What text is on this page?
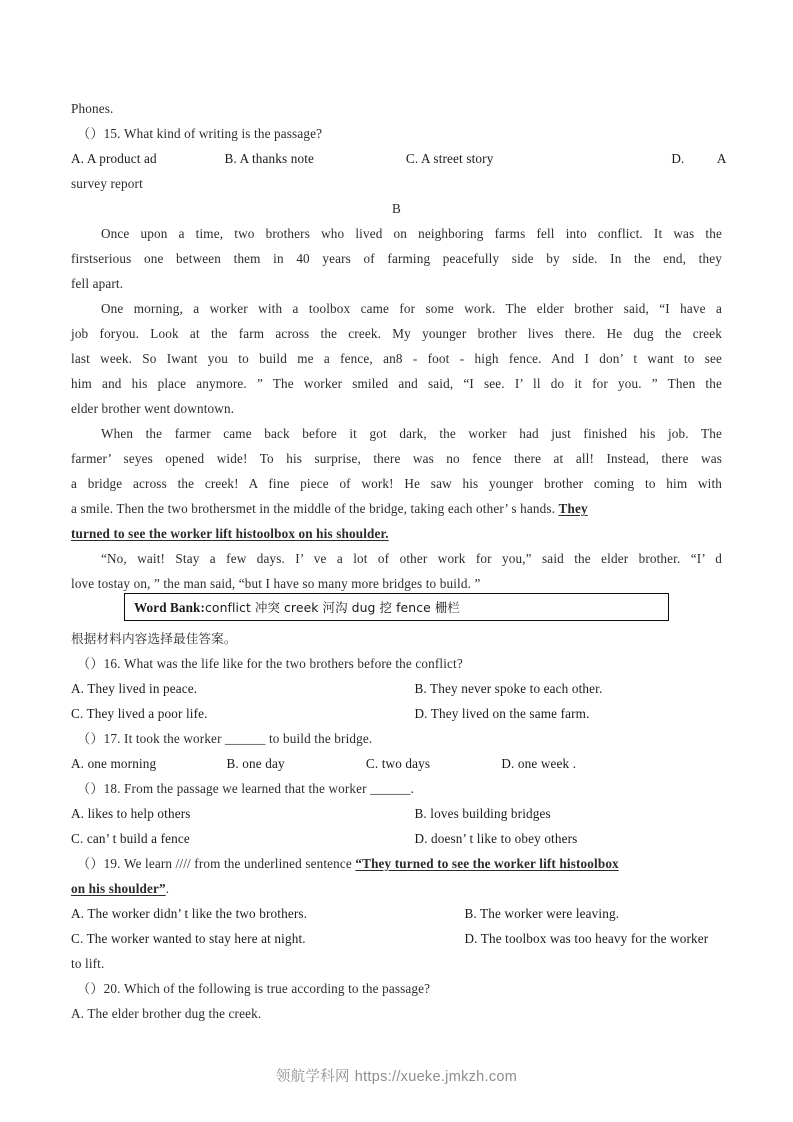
Phones.
（）15. What kind of writing is the passage?
A. A product ad	B. A thanks note	C. A street story	D. A
survey report
B
Once upon a time, two brothers who lived on neighboring farms fell into conflict. It was the
firstserious one between them in 40 years of farming peacefully side by side. In the end, they
fell apart.
One morning, a worker with a toolbox came for some work. The elder brother said, “I have a
job foryou. Look at the farm across the creek. My younger brother lives there. He dug the creek
last week. So Iwant you to build me a fence, an8 - foot - high fence. And I don’ t want to see
him and his place anymore. ” The worker smiled and said, “I see. I’ ll do it for you. ” Then the
elder brother went downtown.
When the farmer came back before it got dark, the worker had just finished his job. The
farmer’ seyes opened wide! To his surprise, there was no fence there at all! Instead, there was
a bridge across the creek! A fine piece of work! He saw his younger brother coming to him with
a smile. Then the two brothersmet in the middle of the bridge, taking each other’ s hands. They
turned to see the worker lift histoolbox on his shoulder.
“No, wait! Stay a few days. I’ ve a lot of other work for you,” said the elder brother. “I’ d
love tostay on, ” the man said, “but I have so many more bridges to build. ”
Word Bank:conflict 冲突 creek 河沟 dug 挖 fence 栅栏
根据材料内容选择最佳答案。
（）16. What was the life like for the two brothers before the conflict?
A. They lived in peace.	B. They never spoke to each other.
C. They lived a poor life.	D. They lived on the same farm.
（）17. It took the worker ______ to build the bridge.
A. one morning	B. one day	C. two days	D. one week .
（）18. From the passage we learned that the worker ______.
A. likes to help others	B. loves building bridges
C. can’ t build a fence	D. doesn’ t like to obey others
（）19. We learn //// from the underlined sentence “They turned to see the worker lift histoolbox
on his shoulder”.
A. The worker didn’ t like the two brothers.	B. The worker were leaving.
C. The worker wanted to stay here at night.	D. The toolbox was too heavy for the worker
to lift.
（）20. Which of the following is true according to the passage?
A. The elder brother dug the creek.
领航学科网 https://xueke.jmkzh.com
